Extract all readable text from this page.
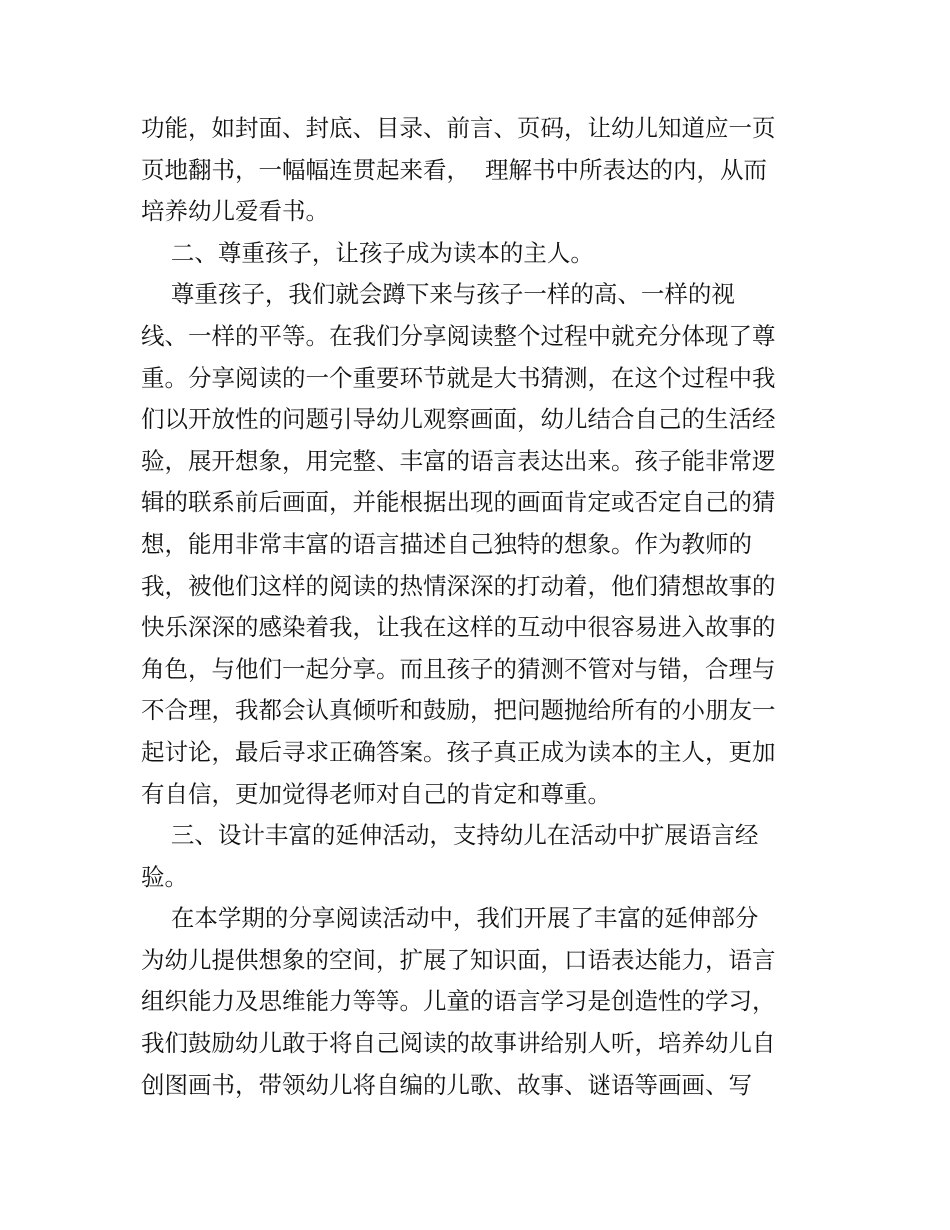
功能，如封面、封底、目录、前言、页码，让幼儿知道应一页
页地翻书，一幅幅连贯起来看，  理解书中所表达的内，从而
培养幼儿爱看书。
二、尊重孩子，让孩子成为读本的主人。
尊重孩子，我们就会蹲下来与孩子一样的高、一样的视
线、一样的平等。在我们分享阅读整个过程中就充分体现了尊
重。分享阅读的一个重要环节就是大书猜测，在这个过程中我
们以开放性的问题引导幼儿观察画面，幼儿结合自己的生活经
验，展开想象，用完整、丰富的语言表达出来。孩子能非常逻
辑的联系前后画面，并能根据出现的画面肯定或否定自己的猜
想，能用非常丰富的语言描述自己独特的想象。作为教师的
我，被他们这样的阅读的热情深深的打动着，他们猜想故事的
快乐深深的感染着我，让我在这样的互动中很容易进入故事的
角色，与他们一起分享。而且孩子的猜测不管对与错，合理与
不合理，我都会认真倾听和鼓励，把问题抛给所有的小朋友一
起讨论，最后寻求正确答案。孩子真正成为读本的主人，更加
有自信，更加觉得老师对自己的肯定和尊重。
三、设计丰富的延伸活动，支持幼儿在活动中扩展语言经
验。
在本学期的分享阅读活动中，我们开展了丰富的延伸部分
为幼儿提供想象的空间，扩展了知识面，口语表达能力，语言
组织能力及思维能力等等。儿童的语言学习是创造性的学习，
我们鼓励幼儿敢于将自己阅读的故事讲给别人听，培养幼儿自
创图画书，带领幼儿将自编的儿歌、故事、谜语等画画、写
